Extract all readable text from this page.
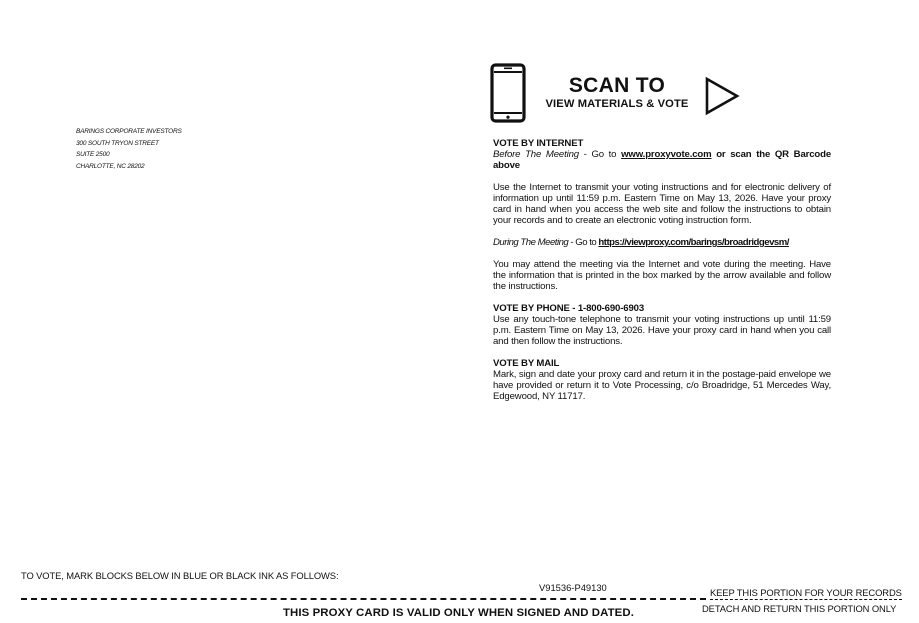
BARINGS CORPORATE INVESTORS
300 SOUTH TRYON STREET
SUITE 2500
CHARLOTTE, NC 28202
SCAN TO
VIEW MATERIALS & VOTE

VOTE BY INTERNET

Before The Meeting - Go to www.proxyvote.com or scan the QR Barcode above

Use the Internet to transmit your voting instructions and for electronic delivery of information up until 11:59 p.m. Eastern Time on May 13, 2026. Have your proxy card in hand when you access the web site and follow the instructions to obtain your records and to create an electronic voting instruction form.

During The Meeting - Go to https://viewproxy.com/barings/broadridgevsm/

You may attend the meeting via the Internet and vote during the meeting. Have the information that is printed in the box marked by the arrow available and follow the instructions.

VOTE BY PHONE - 1-800-690-6903

Use any touch-tone telephone to transmit your voting instructions up until 11:59 p.m. Eastern Time on May 13, 2026. Have your proxy card in hand when you call and then follow the instructions.

VOTE BY MAIL

Mark, sign and date your proxy card and return it in the postage-paid envelope we have provided or return it to Vote Processing, c/o Broadridge, 51 Mercedes Way, Edgewood, NY 11717.

TO VOTE, MARK BLOCKS BELOW IN BLUE OR BLACK INK AS FOLLOWS:
V91536-P49130	KEEP THIS PORTION FOR YOUR RECORDS
DETACH AND RETURN THIS PORTION ONLY
THIS PROXY CARD IS VALID ONLY WHEN SIGNED AND DATED.
